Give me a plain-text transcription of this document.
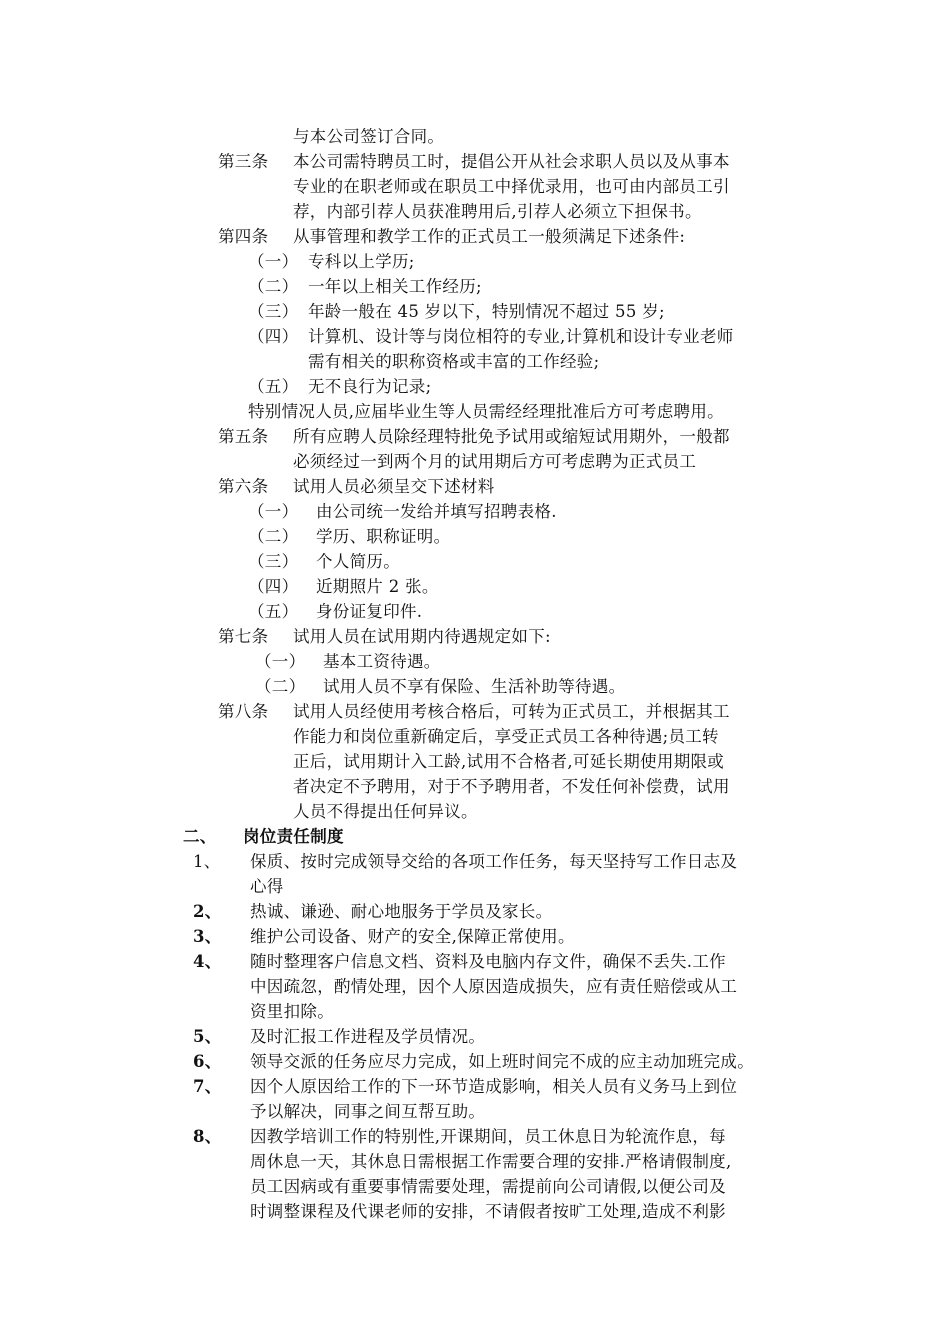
与本公司签订合同。
第三条 本公司需特聘员工时，提倡公开从社会求职人员以及从事本
专业的在职老师或在职员工中择优录用，也可由内部员工引
荐，内部引荐人员获准聘用后,引荐人必须立下担保书。
第四条 从事管理和教学工作的正式员工一般须满足下述条件:
（一） 专科以上学历;
（二） 一年以上相关工作经历;
（三） 年龄一般在 45 岁以下，特别情况不超过 55 岁;
（四） 计算机、设计等与岗位相符的专业,计算机和设计专业老师
需有相关的职称资格或丰富的工作经验;
（五） 无不良行为记录;
特别情况人员,应届毕业生等人员需经经理批准后方可考虑聘用。
第五条 所有应聘人员除经理特批免予试用或缩短试用期外，一般都
必须经过一到两个月的试用期后方可考虑聘为正式员工
第六条 试用人员必须呈交下述材料
（一） 由公司统一发给并填写招聘表格.
（二） 学历、职称证明。
（三） 个人简历。
（四） 近期照片 2 张。
（五） 身份证复印件.
第七条 试用人员在试用期内待遇规定如下:
（一） 基本工资待遇。
（二） 试用人员不享有保险、生活补助等待遇。
第八条 试用人员经使用考核合格后，可转为正式员工，并根据其工
作能力和岗位重新确定后，享受正式员工各种待遇;员工转
正后，试用期计入工龄,试用不合格者,可延长期使用期限或
者决定不予聘用，对于不予聘用者，不发任何补偿费，试用
人员不得提出任何异议。
二、 岗位责任制度
1、 保质、按时完成领导交给的各项工作任务，每天坚持写工作日志及
心得
2、 热诚、谦逊、耐心地服务于学员及家长。
3、 维护公司设备、财产的安全,保障正常使用。
4、 随时整理客户信息文档、资料及电脑内存文件，确保不丢失.工作
中因疏忽，酌情处理，因个人原因造成损失，应有责任赔偿或从工
资里扣除。
5、 及时汇报工作进程及学员情况。
6、 领导交派的任务应尽力完成，如上班时间完不成的应主动加班完成。
7、 因个人原因给工作的下一环节造成影响，相关人员有义务马上到位
予以解决，同事之间互帮互助。
8、 因教学培训工作的特别性,开课期间，员工休息日为轮流作息，每
周休息一天，其休息日需根据工作需要合理的安排.严格请假制度,
员工因病或有重要事情需要处理，需提前向公司请假,以便公司及
时调整课程及代课老师的安排，不请假者按旷工处理,造成不利影
